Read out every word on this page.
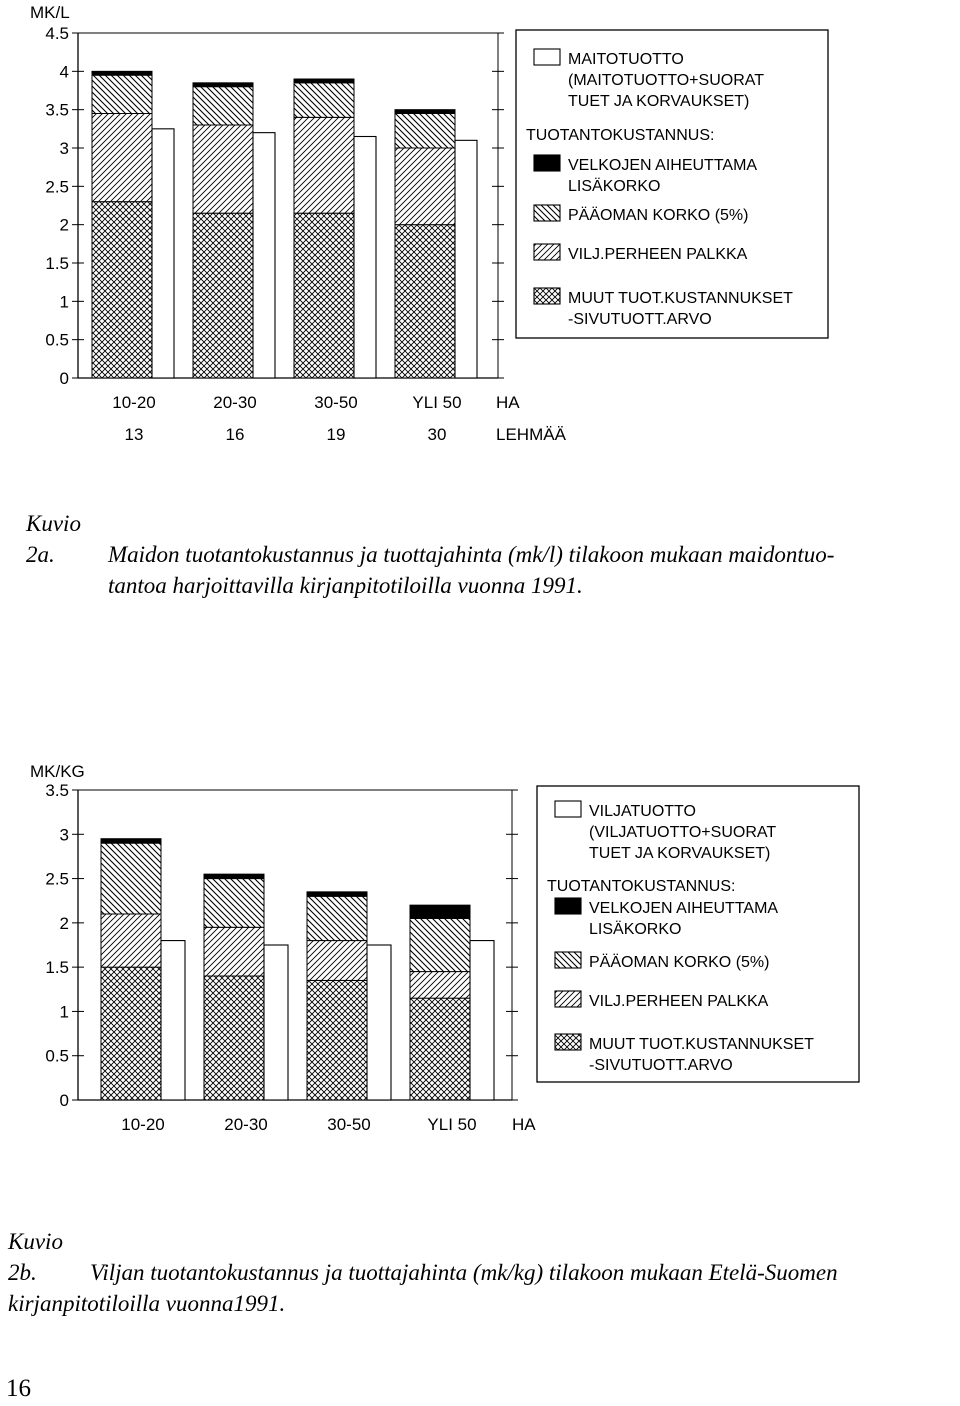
0
0.5
1
1.5
2
2.5
3
3.5
4
4.5
MK/L
10-20
13
20-30
16
30-50
19
YLI 50
30
HA
LEHMÄÄ
MAITOTUOTTO
(MAITOTUOTTO+SUORAT
TUET JA KORVAUKSET)
TUOTANTOKUSTANNUS:
VELKOJEN AIHEUTTAMA
LISÄKORKO
PÄÄOMAN KORKO (5%)
VILJ.PERHEEN PALKKA
MUUT TUOT.KUSTANNUKSET
-SIVUTUOTT.ARVO
0
0.5
1
1.5
2
2.5
3
3.5
MK/KG
10-20	20-30	30-50	YLI 50 HA
VILJATUOTTO
(VILJATUOTTO+SUORAT
TUET JA KORVAUKSET)
TUOTANTOKUSTANNUS:
VELKOJEN AIHEUTTAMA
LISÄKORKO
PÄÄOMAN KORKO (5%)
VILJ.PERHEEN PALKKA
MUUT TUOT.KUSTANNUKSET
-SIVUTUOTT.ARVO
Kuvio 2a. Maidon tuotantokustannus ja tuottajahinta (mk/l) tilakoon mukaan maidontuo-
tantoa harjoittavilla kirjanpitotiloilla vuonna 1991.
Kuvio 2b. Viljan tuotantokustannus ja tuottajahinta (mk/kg) tilakoon mukaan Etelä-Suomen
kirjanpitotiloilla vuonna1991.
16
